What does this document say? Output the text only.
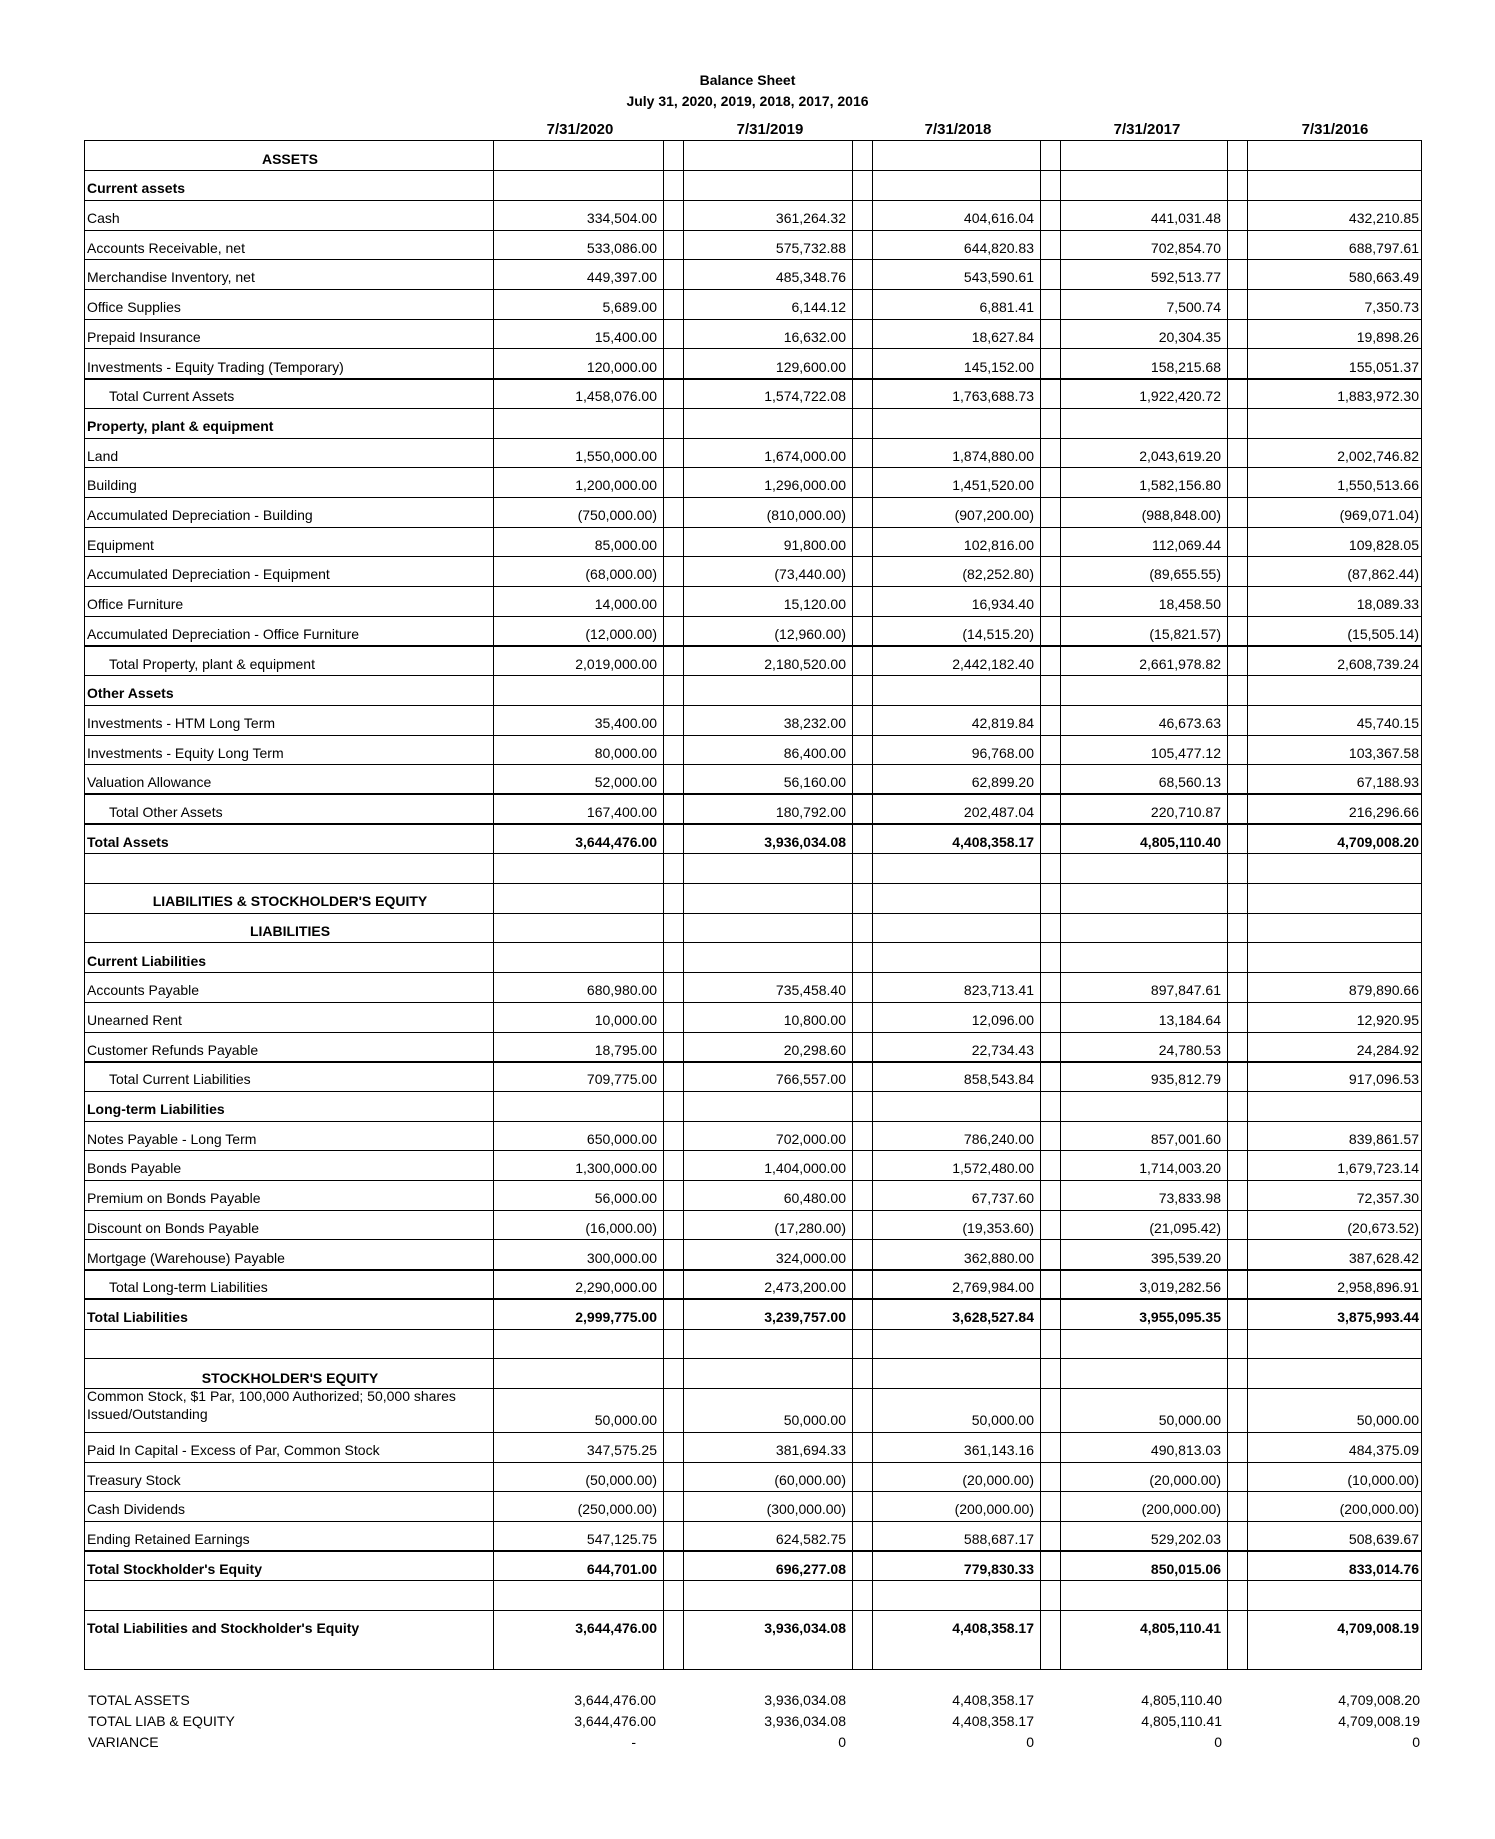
Balance Sheet
July 31, 2020, 2019, 2018, 2017, 2016
7/31/2020	7/31/2019	7/31/2018	7/31/2017	7/31/2016
ASSETS
Current assets
Cash	334,504.00	361,264.32	404,616.04	441,031.48	432,210.85
Accounts Receivable, net	533,086.00	575,732.88	644,820.83	702,854.70	688,797.61
Merchandise Inventory, net	449,397.00	485,348.76	543,590.61	592,513.77	580,663.49
Office Supplies	5,689.00	6,144.12	6,881.41	7,500.74	7,350.73
Prepaid Insurance	15,400.00	16,632.00	18,627.84	20,304.35	19,898.26
Investments - Equity Trading (Temporary)	120,000.00	129,600.00	145,152.00	158,215.68	155,051.37
Total Current Assets	1,458,076.00	1,574,722.08	1,763,688.73	1,922,420.72	1,883,972.30
Property, plant & equipment
Land	1,550,000.00	1,674,000.00	1,874,880.00	2,043,619.20	2,002,746.82
Building	1,200,000.00	1,296,000.00	1,451,520.00	1,582,156.80	1,550,513.66
Accumulated Depreciation - Building	(750,000.00)	(810,000.00)	(907,200.00)	(988,848.00)	(969,071.04)
Equipment	85,000.00	91,800.00	102,816.00	112,069.44	109,828.05
Accumulated Depreciation - Equipment	(68,000.00)	(73,440.00)	(82,252.80)	(89,655.55)	(87,862.44)
Office Furniture	14,000.00	15,120.00	16,934.40	18,458.50	18,089.33
Accumulated Depreciation - Office Furniture	(12,000.00)	(12,960.00)	(14,515.20)	(15,821.57)	(15,505.14)
Total Property, plant & equipment	2,019,000.00	2,180,520.00	2,442,182.40	2,661,978.82	2,608,739.24
Other Assets
Investments - HTM Long Term	35,400.00	38,232.00	42,819.84	46,673.63	45,740.15
Investments - Equity Long Term	80,000.00	86,400.00	96,768.00	105,477.12	103,367.58
Valuation Allowance	52,000.00	56,160.00	62,899.20	68,560.13	67,188.93
Total Other Assets	167,400.00	180,792.00	202,487.04	220,710.87	216,296.66
Total Assets	3,644,476.00	3,936,034.08	4,408,358.17	4,805,110.40	4,709,008.20
LIABILITIES & STOCKHOLDER'S EQUITY
LIABILITIES
Current Liabilities
Accounts Payable	680,980.00	735,458.40	823,713.41	897,847.61	879,890.66
Unearned Rent	10,000.00	10,800.00	12,096.00	13,184.64	12,920.95
Customer Refunds Payable	18,795.00	20,298.60	22,734.43	24,780.53	24,284.92
Total Current Liabilities	709,775.00	766,557.00	858,543.84	935,812.79	917,096.53
Long-term Liabilities
Notes Payable - Long Term	650,000.00	702,000.00	786,240.00	857,001.60	839,861.57
Bonds Payable	1,300,000.00	1,404,000.00	1,572,480.00	1,714,003.20	1,679,723.14
Premium on Bonds Payable	56,000.00	60,480.00	67,737.60	73,833.98	72,357.30
Discount on Bonds Payable	(16,000.00)	(17,280.00)	(19,353.60)	(21,095.42)	(20,673.52)
Mortgage (Warehouse) Payable	300,000.00	324,000.00	362,880.00	395,539.20	387,628.42
Total Long-term Liabilities	2,290,000.00	2,473,200.00	2,769,984.00	3,019,282.56	2,958,896.91
Total Liabilities	2,999,775.00	3,239,757.00	3,628,527.84	3,955,095.35	3,875,993.44
STOCKHOLDER'S EQUITY
Common Stock, $1 Par, 100,000 Authorized; 50,000 shares Issued/Outstanding	50,000.00	50,000.00	50,000.00	50,000.00	50,000.00
Paid In Capital - Excess of Par, Common Stock	347,575.25	381,694.33	361,143.16	490,813.03	484,375.09
Treasury Stock	(50,000.00)	(60,000.00)	(20,000.00)	(20,000.00)	(10,000.00)
Cash Dividends	(250,000.00)	(300,000.00)	(200,000.00)	(200,000.00)	(200,000.00)
Ending Retained Earnings	547,125.75	624,582.75	588,687.17	529,202.03	508,639.67
Total Stockholder's Equity	644,701.00	696,277.08	779,830.33	850,015.06	833,014.76
Total Liabilities and Stockholder's Equity	3,644,476.00	3,936,034.08	4,408,358.17	4,805,110.41	4,709,008.19
TOTAL ASSETS	3,644,476.00	3,936,034.08	4,408,358.17	4,805,110.40	4,709,008.20
TOTAL LIAB & EQUITY	3,644,476.00	3,936,034.08	4,408,358.17	4,805,110.41	4,709,008.19
VARIANCE	-	0	0	0	0
